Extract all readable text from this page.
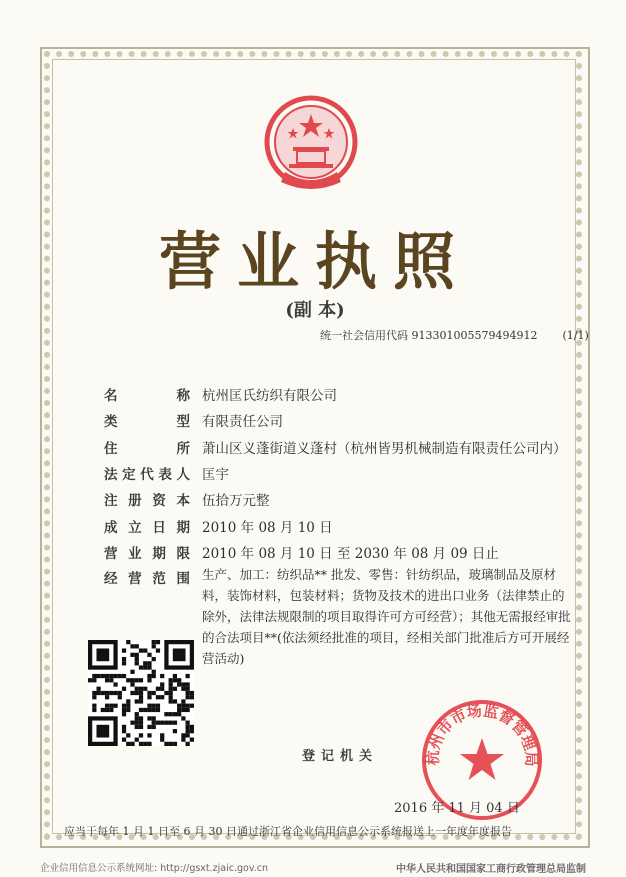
营业执照
(副 本)
统一社会信用代码 913301005579494912 (1/1)
名称 杭州匡氏纺织有限公司
类型 有限责任公司
住所 萧山区义蓬街道义蓬村（杭州皆男机械制造有限责任公司内）
法定代表人 匡宇
注册资本 伍拾万元整
成立日期 2010 年 08 月 10 日
营业期限 2010 年 08 月 10 日 至 2030 年 08 月 09 日止
经营范围 生产、加工：纺织品** 批发、零售：针纺织品，玻璃制品及原材料，装饰材料，包装材料；货物及技术的进出口业务（法律禁止的除外，法律法规限制的项目取得许可方可经营）；其他无需报经审批的合法项目**(依法须经批准的项目，经相关部门批准后方可开展经营活动)
登记机关	杭州市市场监督管理局
2016 年 11 月 04 日
应当于每年 1 月 1 日至 6 月 30 日通过浙江省企业信用信息公示系统报送上一年度年度报告
企业信用信息公示系统网址: http://gsxt.zjaic.gov.cn	中华人民共和国国家工商行政管理总局监制
